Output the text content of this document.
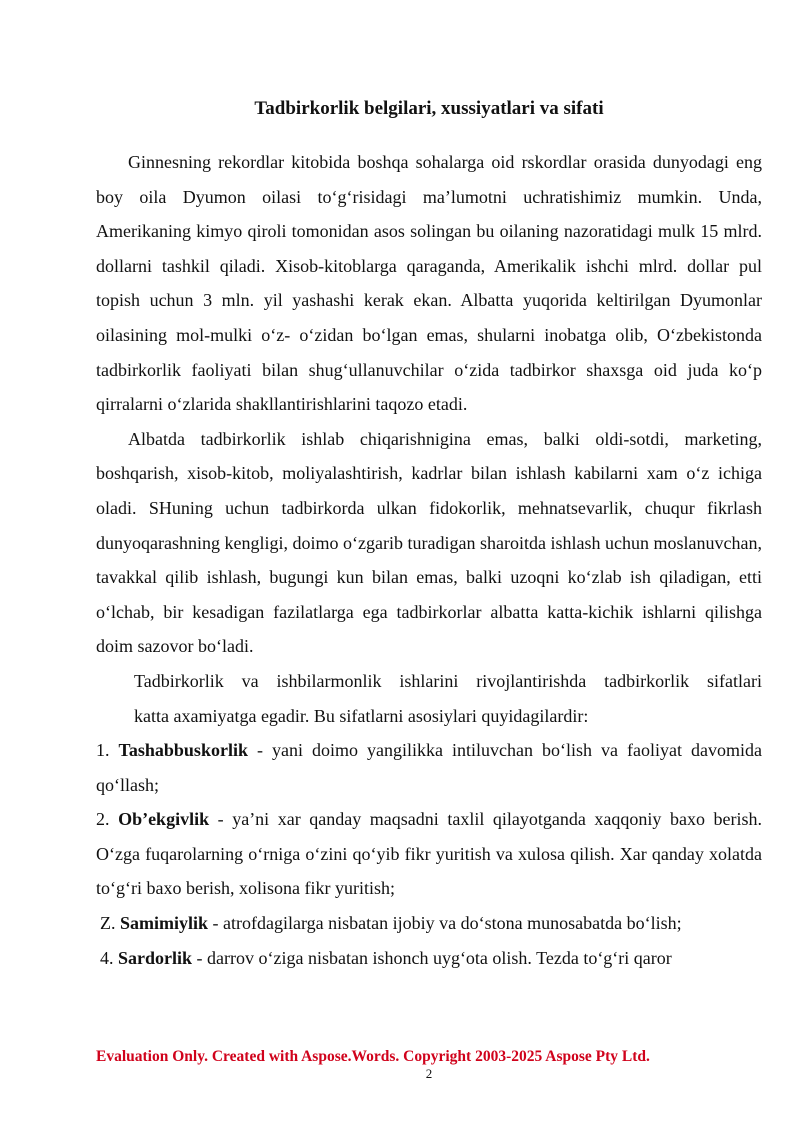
Tadbirkorlik belgilari, xussiyatlari va sifati

Ginnesning rekordlar kitobida boshqa sohalarga oid rskordlar orasida dunyodagi eng boy oila Dyumon oilasi to‘g‘risidagi ma’lumotni uchratishimiz mumkin. Unda, Amerikaning kimyo qiroli tomonidan asos solingan bu oilaning nazoratidagi mulk 15 mlrd. dollarni tashkil qiladi. Xisob-kitoblarga qaraganda, Amerikalik ishchi mlrd. dollar pul topish uchun 3 mln. yil yashashi kerak ekan. Albatta yuqorida keltirilgan Dyumonlar oilasining mol-mulki o‘z- o‘zidan bo‘lgan emas, shularni inobatga olib, O‘zbekistonda tadbirkorlik faoliyati bilan shug‘ullanuvchilar o‘zida tadbirkor shaxsga oid juda ko‘p qirralarni o‘zlarida shakllantirishlarini taqozo etadi.

Albatda tadbirkorlik ishlab chiqarishnigina emas, balki oldi-sotdi, marketing, boshqarish, xisob-kitob, moliyalashtirish, kadrlar bilan ishlash kabilarni xam o‘z ichiga oladi. SHuning uchun tadbirkorda ulkan fidokorlik, mehnatsevarlik, chuqur fikrlash dunyoqarashning kengligi, doimo o‘zgarib turadigan sharoitda ishlash uchun moslanuvchan, tavakkal qilib ishlash, bugungi kun bilan emas, balki uzoqni ko‘zlab ish qiladigan, etti o‘lchab, bir kesadigan fazilatlarga ega tadbirkorlar albatta katta-kichik ishlarni qilishga doim sazovor bo‘ladi.

Tadbirkorlik va ishbilarmonlik ishlarini rivojlantirishda tadbirkorlik sifatlari katta axamiyatga egadir. Bu sifatlarni asosiylari quyidagilardir:

1. Tashabbuskorlik - yani doimo yangilikka intiluvchan bo‘lish va faoliyat davomida qo‘llash;

2. Ob’ekgivlik - ya’ni xar qanday maqsadni taxlil qilayotganda xaqqoniy baxo berish. O‘zga fuqarolarning o‘rniga o‘zini qo‘yib fikr yuritish va xulosa qilish. Xar qanday xolatda to‘g‘ri baxo berish, xolisona fikr yuritish;

Z. Samimiylik - atrofdagilarga nisbatan ijobiy va do‘stona munosabatda bo‘lish;

4. Sardorlik - darrov o‘ziga nisbatan ishonch uyg‘ota olish. Tezda to‘g‘ri qaror

Evaluation Only. Created with Aspose.Words. Copyright 2003-2025 Aspose Pty Ltd.
2
